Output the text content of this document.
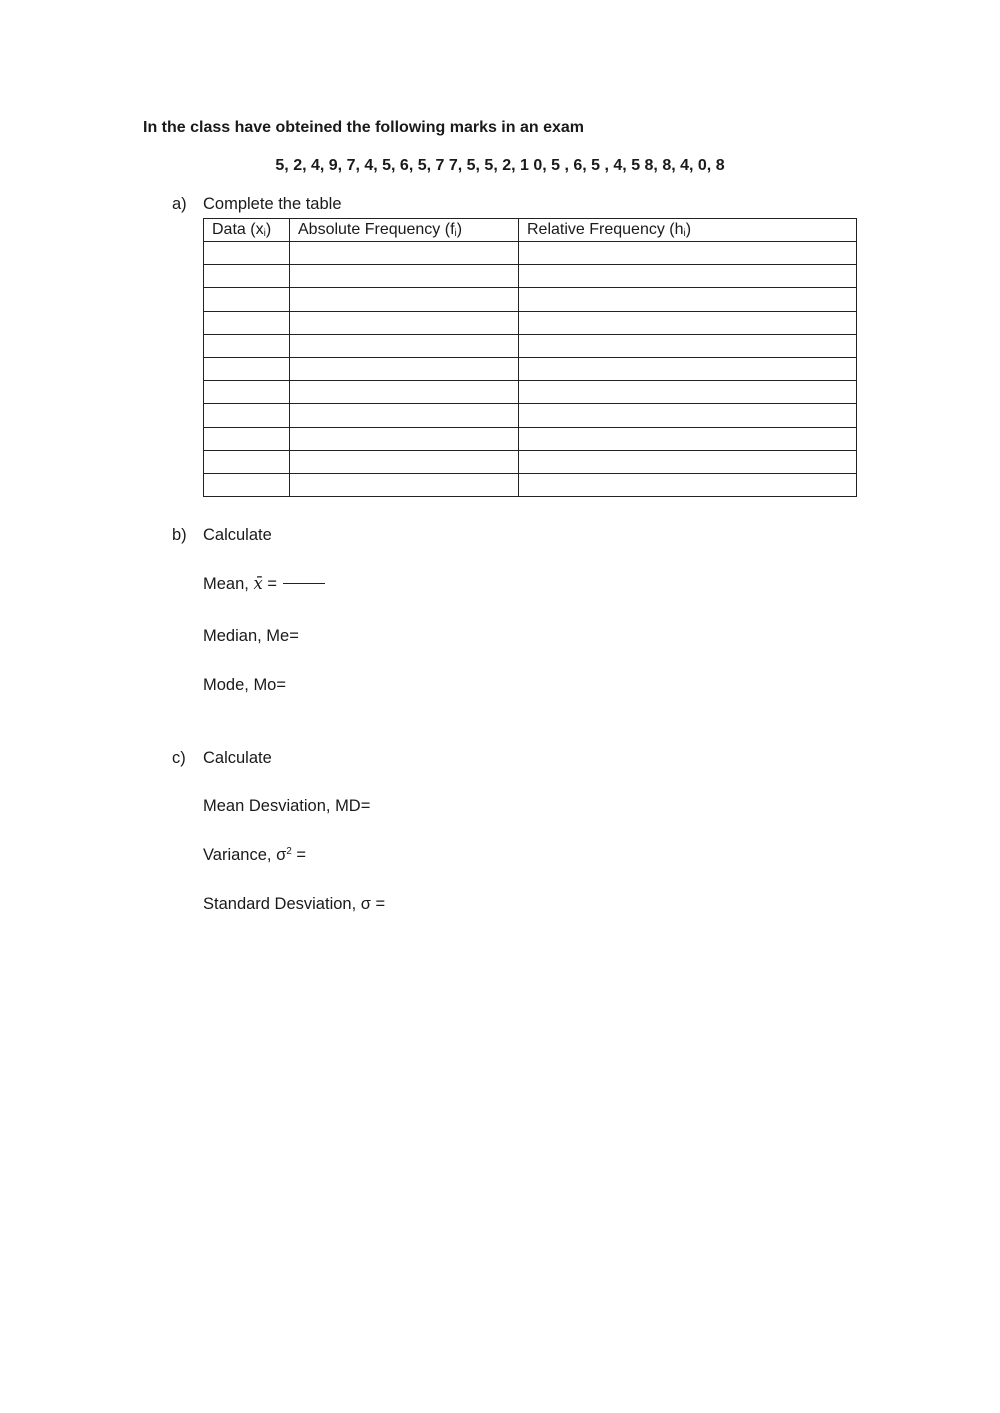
In the class have obteined the following marks in an exam
5, 2, 4, 9, 7, 4, 5, 6, 5, 7 7, 5, 5, 2, 1 0, 5 , 6, 5 , 4, 5 8, 8, 4, 0, 8
a) Complete the table
Data $(x_i)$	Absolute Frequency $(f_i)$	Relative Frequency $(h_i)$

b) Calculate
Mean, x̄ =
Median, Me=
Mode, Mo=
c) Calculate
Mean Desviation, MD=
Variance, $\sigma^2$ =
Standard Desviation, σ =
